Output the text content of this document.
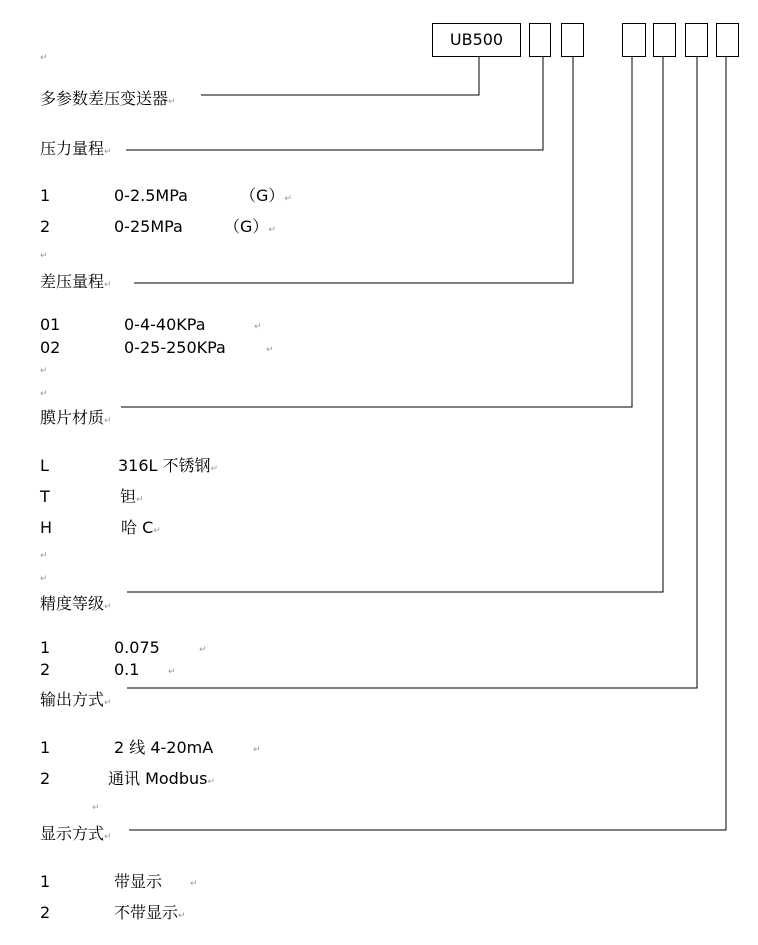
UB500
↵
↵
↵
↵
↵
↵
↵
多参数差压变送器↵
压力量程↵
1	0-2.5MPa	（G）↵
2	0-25MPa	（G）↵
差压量程↵
01	0-4-40KPa	↵
02	0-25-250KPa	↵
膜片材质↵
L	316L 不锈钢↵
T	钽↵
H	哈 C↵
精度等级↵
1	0.075	↵
2	0.1	↵
输出方式↵
1	2 线 4-20mA	↵
2	通讯 Modbus↵
显示方式↵
1	带显示	↵
2	不带显示↵
